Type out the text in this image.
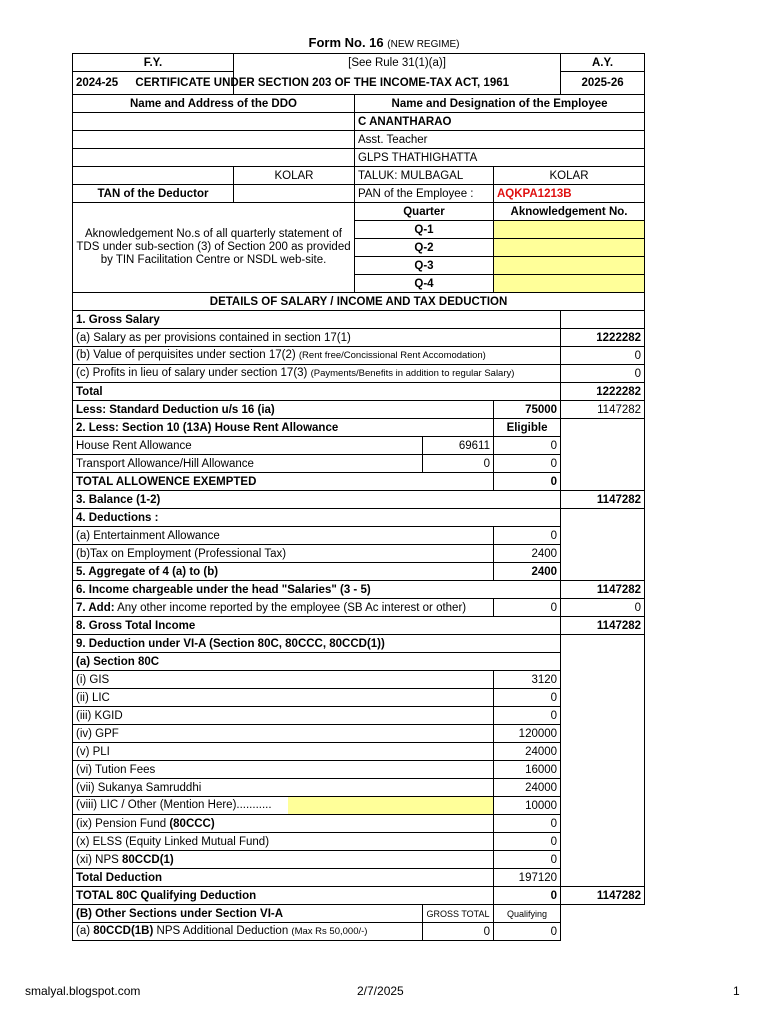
Form No. 16 (NEW REGIME)
F.Y.	[See Rule 31(1)(a)]				A.Y.
2024-25 CERTIFICATE UNDER SECTION 203 OF THE INCOME-TAX ACT, 1961					2025-26
Name and Address of the DDO		Name and Designation of the Employee			
		C ANANTHARAO			
		Asst. Teacher			
		GLPS THATHIGHATTA			
	KOLAR	TALUK: MULBAGAL		KOLAR	
TAN of the Deductor		PAN of the Employee :		AQKPA1213B	
Aknowledgement No.s of all quarterly statement of TDS under sub-section (3) of Section 200 as provided by TIN Facilitation Centre or NSDL web-site.		Quarter		Aknowledgement No.	
		Q-1			
		Q-2			
		Q-3			
		Q-4			
DETAILS OF SALARY / INCOME AND TAX DEDUCTION					
1. Gross Salary					
(a) Salary as per provisions contained in section 17(1)					1222282
(b) Value of perquisites under section 17(2) (Rent free/Concissional Rent Accomodation)					0
(c) Profits in lieu of salary under section 17(3) (Payments/Benefits in addition to regular Salary)					0
Total					1222282
Less: Standard Deduction u/s 16 (ia)				75000	1147282
2. Less: Section 10 (13A) House Rent Allowance				Eligible	
House Rent Allowance			69611	0	
Transport Allowance/Hill Allowance			0	0	
TOTAL ALLOWENCE EXEMPTED				0	
3. Balance (1-2)					1147282
4. Deductions :					
(a) Entertainment Allowance				0	
(b)Tax on Employment (Professional Tax)				2400	
5. Aggregate of 4 (a) to (b)				2400	
6. Income chargeable under the head "Salaries" (3 - 5)					1147282
7. Add: Any other income reported by the employee (SB Ac interest or other)				0	0
8. Gross Total Income					1147282
9. Deduction under VI-A (Section 80C, 80CCC, 80CCD(1))					
(a) Section 80C					
(i) GIS				3120	
(ii) LIC				0	
(iii) KGID				0	
(iv) GPF				120000	
(v) PLI				24000	
(vi) Tution Fees				16000	
(vii) Sukanya Samruddhi				24000	

(viii) LIC / Other (Mention Here)...........				10000	
(ix) Pension Fund (80CCC)				0	
(x) ELSS (Equity Linked Mutual Fund)				0	
(xi) NPS 80CCD(1)				0	
Total Deduction				197120	
TOTAL 80C Qualifying Deduction				0	1147282
(B) Other Sections under Section VI-A			GROSS TOTAL	Qualifying	
(a) 80CCD(1B) NPS Additional Deduction (Max Rs 50,000/-)			0	0	
smalyal.blogspot.com	2/7/2025	1
